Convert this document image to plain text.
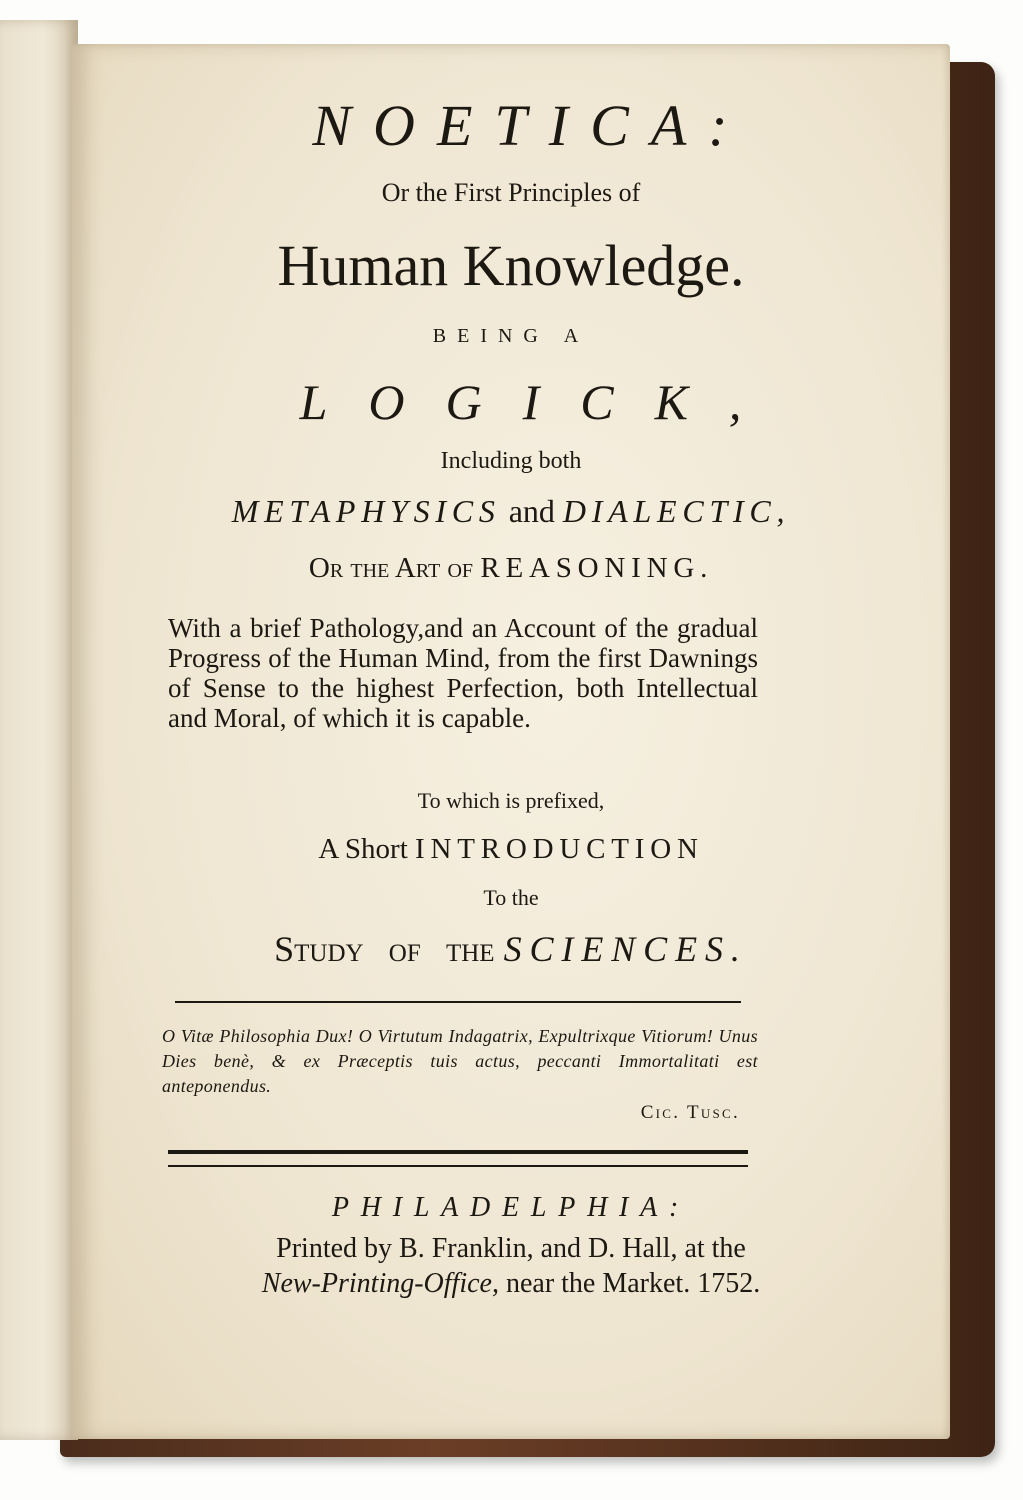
NOETICA:
Or the First Principles of
Human Knowledge.
BEING A
LOGICK,
Including both
METAPHYSICS and DIALECTIC,
Or the Art of REASONING.
With a brief Pathology,and an Account of the gradual Progress of the Human Mind, from the first Dawnings of Sense to the highest Perfection, both Intellectual and Moral, of which it is capable.
To which is prefixed,
A Short INTRODUCTION
To the
Study of the SCIENCES.
O Vitæ Philosophia Dux! O Virtutum Indagatrix, Expultrixque Vitiorum! Unus Dies benè, & ex Præceptis tuis actus, peccanti Immortalitati est anteponendus.
Cic. Tusc.
PHILADELPHIA:
Printed by B. Franklin, and D. Hall, at the
New-Printing-Office, near the Market. 1752.
